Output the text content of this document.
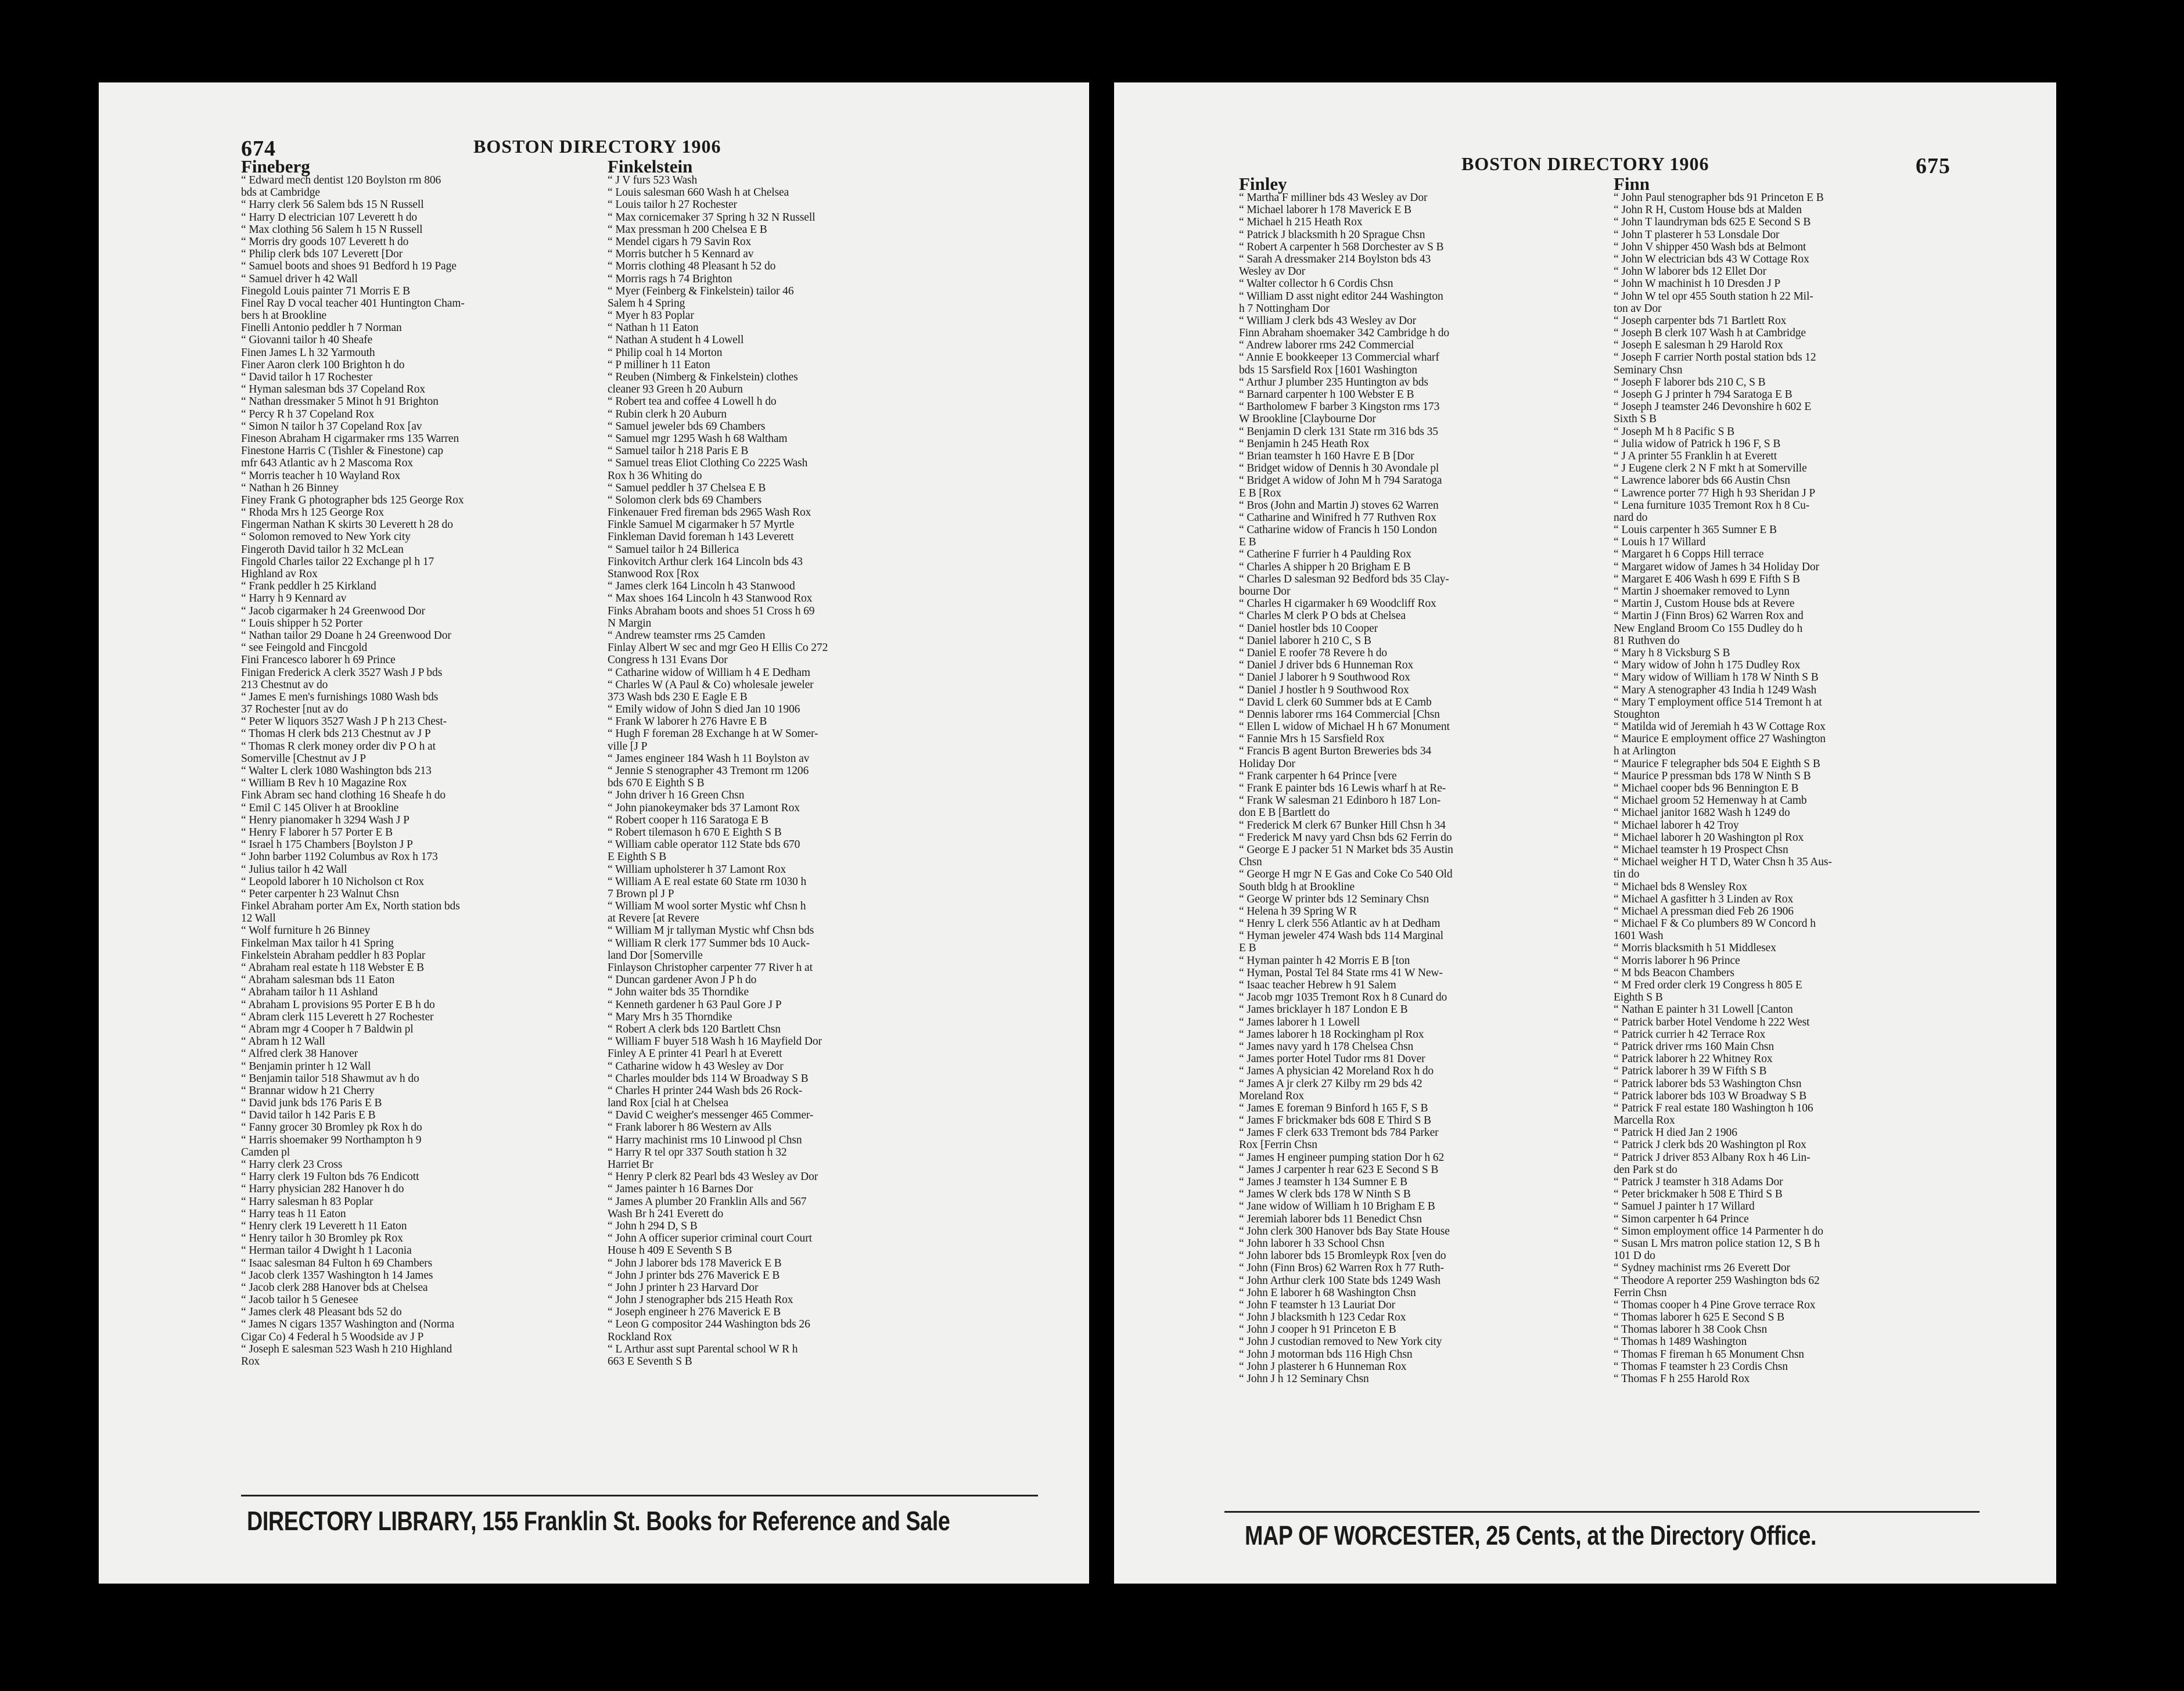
674	BOSTON DIRECTORY 1906
Fineberg
“ Edward mech dentist 120 Boylston rm 806
bds at Cambridge
“ Harry clerk 56 Salem bds 15 N Russell
“ Harry D electrician 107 Leverett h do
“ Max clothing 56 Salem h 15 N Russell
“ Morris dry goods 107 Leverett h do
“ Philip clerk bds 107 Leverett [Dor
“ Samuel boots and shoes 91 Bedford h 19 Page
“ Samuel driver h 42 Wall
Finegold Louis painter 71 Morris E B
Finel Ray D vocal teacher 401 Huntington Cham-
bers h at Brookline
Finelli Antonio peddler h 7 Norman
“ Giovanni tailor h 40 Sheafe
Finen James L h 32 Yarmouth
Finer Aaron clerk 100 Brighton h do
“ David tailor h 17 Rochester
“ Hyman salesman bds 37 Copeland Rox
“ Nathan dressmaker 5 Minot h 91 Brighton
“ Percy R h 37 Copeland Rox
“ Simon N tailor h 37 Copeland Rox [av
Fineson Abraham H cigarmaker rms 135 Warren
Finestone Harris C (Tishler & Finestone) cap
mfr 643 Atlantic av h 2 Mascoma Rox
“ Morris teacher h 10 Wayland Rox
“ Nathan h 26 Binney
Finey Frank G photographer bds 125 George Rox
“ Rhoda Mrs h 125 George Rox
Fingerman Nathan K skirts 30 Leverett h 28 do
“ Solomon removed to New York city
Fingeroth David tailor h 32 McLean
Fingold Charles tailor 22 Exchange pl h 17
Highland av Rox
“ Frank peddler h 25 Kirkland
“ Harry h 9 Kennard av
“ Jacob cigarmaker h 24 Greenwood Dor
“ Louis shipper h 52 Porter
“ Nathan tailor 29 Doane h 24 Greenwood Dor
“ see Feingold and Fincgold
Fini Francesco laborer h 69 Prince
Finigan Frederick A clerk 3527 Wash J P bds
213 Chestnut av do
“ James E men's furnishings 1080 Wash bds
37 Rochester [nut av do
“ Peter W liquors 3527 Wash J P h 213 Chest-
“ Thomas H clerk bds 213 Chestnut av J P
“ Thomas R clerk money order div P O h at
Somerville [Chestnut av J P
“ Walter L clerk 1080 Washington bds 213
“ William B Rev h 10 Magazine Rox
Fink Abram sec hand clothing 16 Sheafe h do
“ Emil C 145 Oliver h at Brookline
“ Henry pianomaker h 3294 Wash J P
“ Henry F laborer h 57 Porter E B
“ Israel h 175 Chambers [Boylston J P
“ John barber 1192 Columbus av Rox h 173
“ Julius tailor h 42 Wall
“ Leopold laborer h 10 Nicholson ct Rox
“ Peter carpenter h 23 Walnut Chsn
Finkel Abraham porter Am Ex, North station bds
12 Wall
“ Wolf furniture h 26 Binney
Finkelman Max tailor h 41 Spring
Finkelstein Abraham peddler h 83 Poplar
“ Abraham real estate h 118 Webster E B
“ Abraham salesman bds 11 Eaton
“ Abraham tailor h 11 Ashland
“ Abraham L provisions 95 Porter E B h do
“ Abram clerk 115 Leverett h 27 Rochester
“ Abram mgr 4 Cooper h 7 Baldwin pl
“ Abram h 12 Wall
“ Alfred clerk 38 Hanover
“ Benjamin printer h 12 Wall
“ Benjamin tailor 518 Shawmut av h do
“ Brannar widow h 21 Cherry
“ David junk bds 176 Paris E B
“ David tailor h 142 Paris E B
“ Fanny grocer 30 Bromley pk Rox h do
“ Harris shoemaker 99 Northampton h 9
Camden pl
“ Harry clerk 23 Cross
“ Harry clerk 19 Fulton bds 76 Endicott
“ Harry physician 282 Hanover h do
“ Harry salesman h 83 Poplar
“ Harry teas h 11 Eaton
“ Henry clerk 19 Leverett h 11 Eaton
“ Henry tailor h 30 Bromley pk Rox
“ Herman tailor 4 Dwight h 1 Laconia
“ Isaac salesman 84 Fulton h 69 Chambers
“ Jacob clerk 1357 Washington h 14 James
“ Jacob clerk 288 Hanover bds at Chelsea
“ Jacob tailor h 5 Genesee
“ James clerk 48 Pleasant bds 52 do
“ James N cigars 1357 Washington and (Norma
Cigar Co) 4 Federal h 5 Woodside av J P
“ Joseph E salesman 523 Wash h 210 Highland
Rox
Finkelstein
“ J V furs 523 Wash
“ Louis salesman 660 Wash h at Chelsea
“ Louis tailor h 27 Rochester
“ Max cornicemaker 37 Spring h 32 N Russell
“ Max pressman h 200 Chelsea E B
“ Mendel cigars h 79 Savin Rox
“ Morris butcher h 5 Kennard av
“ Morris clothing 48 Pleasant h 52 do
“ Morris rags h 74 Brighton
“ Myer (Feinberg & Finkelstein) tailor 46
Salem h 4 Spring
“ Myer h 83 Poplar
“ Nathan h 11 Eaton
“ Nathan A student h 4 Lowell
“ Philip coal h 14 Morton
“ P milliner h 11 Eaton
“ Reuben (Nimberg & Finkelstein) clothes
cleaner 93 Green h 20 Auburn
“ Robert tea and coffee 4 Lowell h do
“ Rubin clerk h 20 Auburn
“ Samuel jeweler bds 69 Chambers
“ Samuel mgr 1295 Wash h 68 Waltham
“ Samuel tailor h 218 Paris E B
“ Samuel treas Eliot Clothing Co 2225 Wash
Rox h 36 Whiting do
“ Samuel peddler h 37 Chelsea E B
“ Solomon clerk bds 69 Chambers
Finkenauer Fred fireman bds 2965 Wash Rox
Finkle Samuel M cigarmaker h 57 Myrtle
Finkleman David foreman h 143 Leverett
“ Samuel tailor h 24 Billerica
Finkovitch Arthur clerk 164 Lincoln bds 43
Stanwood Rox [Rox
“ James clerk 164 Lincoln h 43 Stanwood
“ Max shoes 164 Lincoln h 43 Stanwood Rox
Finks Abraham boots and shoes 51 Cross h 69
N Margin
“ Andrew teamster rms 25 Camden
Finlay Albert W sec and mgr Geo H Ellis Co 272
Congress h 131 Evans Dor
“ Catharine widow of William h 4 E Dedham
“ Charles W (A Paul & Co) wholesale jeweler
373 Wash bds 230 E Eagle E B
“ Emily widow of John S died Jan 10 1906
“ Frank W laborer h 276 Havre E B
“ Hugh F foreman 28 Exchange h at W Somer-
ville [J P
“ James engineer 184 Wash h 11 Boylston av
“ Jennie S stenographer 43 Tremont rm 1206
bds 670 E Eighth S B
“ John driver h 16 Green Chsn
“ John pianokeymaker bds 37 Lamont Rox
“ Robert cooper h 116 Saratoga E B
“ Robert tilemason h 670 E Eighth S B
“ William cable operator 112 State bds 670
E Eighth S B
“ William upholsterer h 37 Lamont Rox
“ William A E real estate 60 State rm 1030 h
7 Brown pl J P
“ William M wool sorter Mystic whf Chsn h
at Revere [at Revere
“ William M jr tallyman Mystic whf Chsn bds
“ William R clerk 177 Summer bds 10 Auck-
land Dor [Somerville
Finlayson Christopher carpenter 77 River h at
“ Duncan gardener Avon J P h do
“ John waiter bds 35 Thorndike
“ Kenneth gardener h 63 Paul Gore J P
“ Mary Mrs h 35 Thorndike
“ Robert A clerk bds 120 Bartlett Chsn
“ William F buyer 518 Wash h 16 Mayfield Dor
Finley A E printer 41 Pearl h at Everett
“ Catharine widow h 43 Wesley av Dor
“ Charles moulder bds 114 W Broadway S B
“ Charles H printer 244 Wash bds 26 Rock-
land Rox [cial h at Chelsea
“ David C weigher's messenger 465 Commer-
“ Frank laborer h 86 Western av Alls
“ Harry machinist rms 10 Linwood pl Chsn
“ Harry R tel opr 337 South station h 32
Harriet Br
“ Henry P clerk 82 Pearl bds 43 Wesley av Dor
“ James painter h 16 Barnes Dor
“ James A plumber 20 Franklin Alls and 567
Wash Br h 241 Everett do
“ John h 294 D, S B
“ John A officer superior criminal court Court
House h 409 E Seventh S B
“ John J laborer bds 178 Maverick E B
“ John J printer bds 276 Maverick E B
“ John J printer h 23 Harvard Dor
“ John J stenographer bds 215 Heath Rox
“ Joseph engineer h 276 Maverick E B
“ Leon G compositor 244 Washington bds 26
Rockland Rox
“ L Arthur asst supt Parental school W R h
663 E Seventh S B
DIRECTORY LIBRARY, 155 Franklin St. Books for Reference and Sale
BOSTON DIRECTORY 1906	675
Finley
“ Martha F milliner bds 43 Wesley av Dor
“ Michael laborer h 178 Maverick E B
“ Michael h 215 Heath Rox
“ Patrick J blacksmith h 20 Sprague Chsn
“ Robert A carpenter h 568 Dorchester av S B
“ Sarah A dressmaker 214 Boylston bds 43
Wesley av Dor
“ Walter collector h 6 Cordis Chsn
“ William D asst night editor 244 Washington
h 7 Nottingham Dor
“ William J clerk bds 43 Wesley av Dor
Finn Abraham shoemaker 342 Cambridge h do
“ Andrew laborer rms 242 Commercial
“ Annie E bookkeeper 13 Commercial wharf
bds 15 Sarsfield Rox [1601 Washington
“ Arthur J plumber 235 Huntington av bds
“ Barnard carpenter h 100 Webster E B
“ Bartholomew F barber 3 Kingston rms 173
W Brookline [Claybourne Dor
“ Benjamin D clerk 131 State rm 316 bds 35
“ Benjamin h 245 Heath Rox
“ Brian teamster h 160 Havre E B [Dor
“ Bridget widow of Dennis h 30 Avondale pl
“ Bridget A widow of John M h 794 Saratoga
E B [Rox
“ Bros (John and Martin J) stoves 62 Warren
“ Catharine and Winifred h 77 Ruthven Rox
“ Catharine widow of Francis h 150 London
E B
“ Catherine F furrier h 4 Paulding Rox
“ Charles A shipper h 20 Brigham E B
“ Charles D salesman 92 Bedford bds 35 Clay-
bourne Dor
“ Charles H cigarmaker h 69 Woodcliff Rox
“ Charles M clerk P O bds at Chelsea
“ Daniel hostler bds 10 Cooper
“ Daniel laborer h 210 C, S B
“ Daniel E roofer 78 Revere h do
“ Daniel J driver bds 6 Hunneman Rox
“ Daniel J laborer h 9 Southwood Rox
“ Daniel J hostler h 9 Southwood Rox
“ David L clerk 60 Summer bds at E Camb
“ Dennis laborer rms 164 Commercial [Chsn
“ Ellen L widow of Michael H h 67 Monument
“ Fannie Mrs h 15 Sarsfield Rox
“ Francis B agent Burton Breweries bds 34
Holiday Dor
“ Frank carpenter h 64 Prince [vere
“ Frank E painter bds 16 Lewis wharf h at Re-
“ Frank W salesman 21 Edinboro h 187 Lon-
don E B [Bartlett do
“ Frederick M clerk 67 Bunker Hill Chsn h 34
“ Frederick M navy yard Chsn bds 62 Ferrin do
“ George E J packer 51 N Market bds 35 Austin
Chsn
“ George H mgr N E Gas and Coke Co 540 Old
South bldg h at Brookline
“ George W printer bds 12 Seminary Chsn
“ Helena h 39 Spring W R
“ Henry L clerk 556 Atlantic av h at Dedham
“ Hyman jeweler 474 Wash bds 114 Marginal
E B
“ Hyman painter h 42 Morris E B [ton
“ Hyman, Postal Tel 84 State rms 41 W New-
“ Isaac teacher Hebrew h 91 Salem
“ Jacob mgr 1035 Tremont Rox h 8 Cunard do
“ James bricklayer h 187 London E B
“ James laborer h 1 Lowell
“ James laborer h 18 Rockingham pl Rox
“ James navy yard h 178 Chelsea Chsn
“ James porter Hotel Tudor rms 81 Dover
“ James A physician 42 Moreland Rox h do
“ James A jr clerk 27 Kilby rm 29 bds 42
Moreland Rox
“ James E foreman 9 Binford h 165 F, S B
“ James F brickmaker bds 608 E Third S B
“ James F clerk 633 Tremont bds 784 Parker
Rox [Ferrin Chsn
“ James H engineer pumping station Dor h 62
“ James J carpenter h rear 623 E Second S B
“ James J teamster h 134 Sumner E B
“ James W clerk bds 178 W Ninth S B
“ Jane widow of William h 10 Brigham E B
“ Jeremiah laborer bds 11 Benedict Chsn
“ John clerk 300 Hanover bds Bay State House
“ John laborer h 33 School Chsn
“ John laborer bds 15 Bromleypk Rox [ven do
“ John (Finn Bros) 62 Warren Rox h 77 Ruth-
“ John Arthur clerk 100 State bds 1249 Wash
“ John E laborer h 68 Washington Chsn
“ John F teamster h 13 Lauriat Dor
“ John J blacksmith h 123 Cedar Rox
“ John J cooper h 91 Princeton E B
“ John J custodian removed to New York city
“ John J motorman bds 116 High Chsn
“ John J plasterer h 6 Hunneman Rox
“ John J h 12 Seminary Chsn
Finn
“ John Paul stenographer bds 91 Princeton E B
“ John R H, Custom House bds at Malden
“ John T laundryman bds 625 E Second S B
“ John T plasterer h 53 Lonsdale Dor
“ John V shipper 450 Wash bds at Belmont
“ John W electrician bds 43 W Cottage Rox
“ John W laborer bds 12 Ellet Dor
“ John W machinist h 10 Dresden J P
“ John W tel opr 455 South station h 22 Mil-
ton av Dor
“ Joseph carpenter bds 71 Bartlett Rox
“ Joseph B clerk 107 Wash h at Cambridge
“ Joseph E salesman h 29 Harold Rox
“ Joseph F carrier North postal station bds 12
Seminary Chsn
“ Joseph F laborer bds 210 C, S B
“ Joseph G J printer h 794 Saratoga E B
“ Joseph J teamster 246 Devonshire h 602 E
Sixth S B
“ Joseph M h 8 Pacific S B
“ Julia widow of Patrick h 196 F, S B
“ J A printer 55 Franklin h at Everett
“ J Eugene clerk 2 N F mkt h at Somerville
“ Lawrence laborer bds 66 Austin Chsn
“ Lawrence porter 77 High h 93 Sheridan J P
“ Lena furniture 1035 Tremont Rox h 8 Cu-
nard do
“ Louis carpenter h 365 Sumner E B
“ Louis h 17 Willard
“ Margaret h 6 Copps Hill terrace
“ Margaret widow of James h 34 Holiday Dor
“ Margaret E 406 Wash h 699 E Fifth S B
“ Martin J shoemaker removed to Lynn
“ Martin J, Custom House bds at Revere
“ Martin J (Finn Bros) 62 Warren Rox and
New England Broom Co 155 Dudley do h
81 Ruthven do
“ Mary h 8 Vicksburg S B
“ Mary widow of John h 175 Dudley Rox
“ Mary widow of William h 178 W Ninth S B
“ Mary A stenographer 43 India h 1249 Wash
“ Mary T employment office 514 Tremont h at
Stoughton
“ Matilda wid of Jeremiah h 43 W Cottage Rox
“ Maurice E employment office 27 Washington
h at Arlington
“ Maurice F telegrapher bds 504 E Eighth S B
“ Maurice P pressman bds 178 W Ninth S B
“ Michael cooper bds 96 Bennington E B
“ Michael groom 52 Hemenway h at Camb
“ Michael janitor 1682 Wash h 1249 do
“ Michael laborer h 42 Troy
“ Michael laborer h 20 Washington pl Rox
“ Michael teamster h 19 Prospect Chsn
“ Michael weigher H T D, Water Chsn h 35 Aus-
tin do
“ Michael bds 8 Wensley Rox
“ Michael A gasfitter h 3 Linden av Rox
“ Michael A pressman died Feb 26 1906
“ Michael F & Co plumbers 89 W Concord h
1601 Wash
“ Morris blacksmith h 51 Middlesex
“ Morris laborer h 96 Prince
“ M bds Beacon Chambers
“ M Fred order clerk 19 Congress h 805 E
Eighth S B
“ Nathan E painter h 31 Lowell [Canton
“ Patrick barber Hotel Vendome h 222 West
“ Patrick currier h 42 Terrace Rox
“ Patrick driver rms 160 Main Chsn
“ Patrick laborer h 22 Whitney Rox
“ Patrick laborer h 39 W Fifth S B
“ Patrick laborer bds 53 Washington Chsn
“ Patrick laborer bds 103 W Broadway S B
“ Patrick F real estate 180 Washington h 106
Marcella Rox
“ Patrick H died Jan 2 1906
“ Patrick J clerk bds 20 Washington pl Rox
“ Patrick J driver 853 Albany Rox h 46 Lin-
den Park st do
“ Patrick J teamster h 318 Adams Dor
“ Peter brickmaker h 508 E Third S B
“ Samuel J painter h 17 Willard
“ Simon carpenter h 64 Prince
“ Simon employment office 14 Parmenter h do
“ Susan L Mrs matron police station 12, S B h
101 D do
“ Sydney machinist rms 26 Everett Dor
“ Theodore A reporter 259 Washington bds 62
Ferrin Chsn
“ Thomas cooper h 4 Pine Grove terrace Rox
“ Thomas laborer h 625 E Second S B
“ Thomas laborer h 38 Cook Chsn
“ Thomas h 1489 Washington
“ Thomas F fireman h 65 Monument Chsn
“ Thomas F teamster h 23 Cordis Chsn
“ Thomas F h 255 Harold Rox
MAP OF WORCESTER, 25 Cents, at the Directory Office.
